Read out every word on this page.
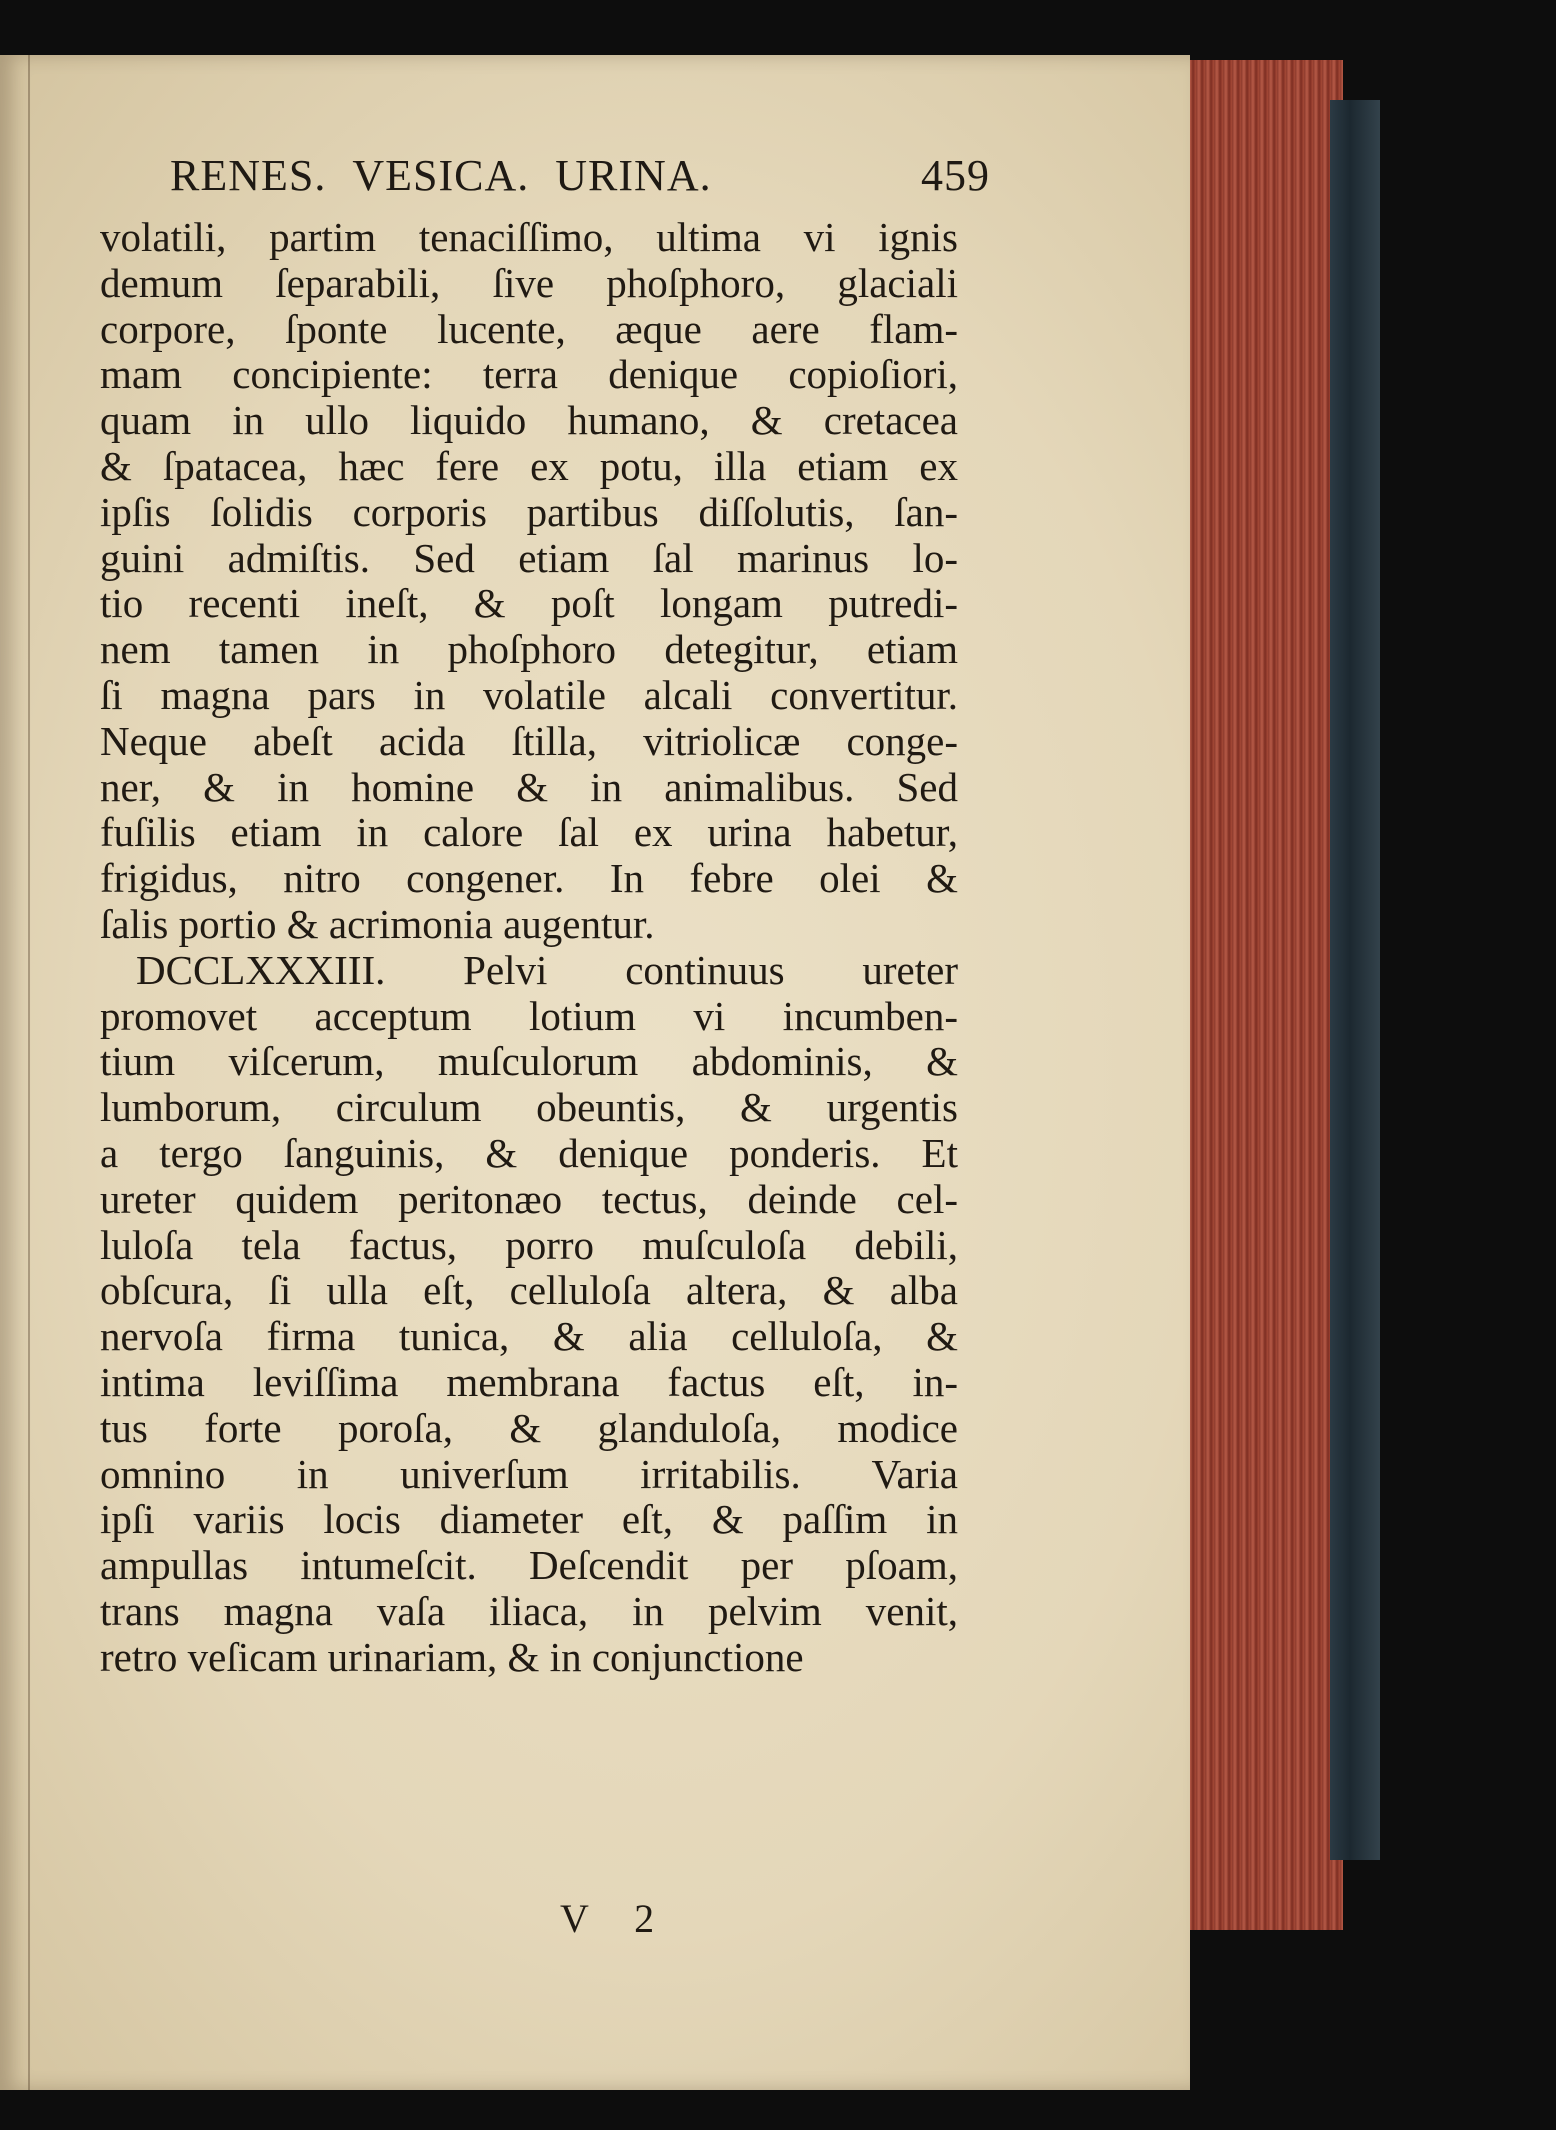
RENES. VESICA. URINA.	459
volatili, partim tenaciſſimo, ultima vi ignis
demum ſeparabili, ſive phoſphoro, glaciali
corpore, ſponte lucente, æque aere flam-
mam concipiente: terra denique copioſiori,
quam in ullo liquido humano, & cretacea
& ſpatacea, hæc fere ex potu, illa etiam ex
ipſis ſolidis corporis partibus diſſolutis, ſan-
guini admiſtis. Sed etiam ſal marinus lo-
tio recenti ineſt, & poſt longam putredi-
nem tamen in phoſphoro detegitur, etiam
ſi magna pars in volatile alcali convertitur.
Neque abeſt acida ſtilla, vitriolicæ conge-
ner, & in homine & in animalibus. Sed
fuſilis etiam in calore ſal ex urina habetur,
frigidus, nitro congener. In febre olei &
ſalis portio & acrimonia augentur.
DCCLXXXIII. Pelvi continuus ureter
promovet acceptum lotium vi incumben-
tium viſcerum, muſculorum abdominis, &
lumborum, circulum obeuntis, & urgentis
a tergo ſanguinis, & denique ponderis. Et
ureter quidem peritonæo tectus, deinde cel-
luloſa tela factus, porro muſculoſa debili,
obſcura, ſi ulla eſt, celluloſa altera, & alba
nervoſa firma tunica, & alia celluloſa, &
intima leviſſima membrana factus eſt, in-
tus forte poroſa, & glanduloſa, modice
omnino in univerſum irritabilis. Varia
ipſi variis locis diameter eſt, & paſſim in
ampullas intumeſcit. Deſcendit per pſoam,
trans magna vaſa iliaca, in pelvim venit,
retro veſicam urinariam, & in conjunctione
V 2
